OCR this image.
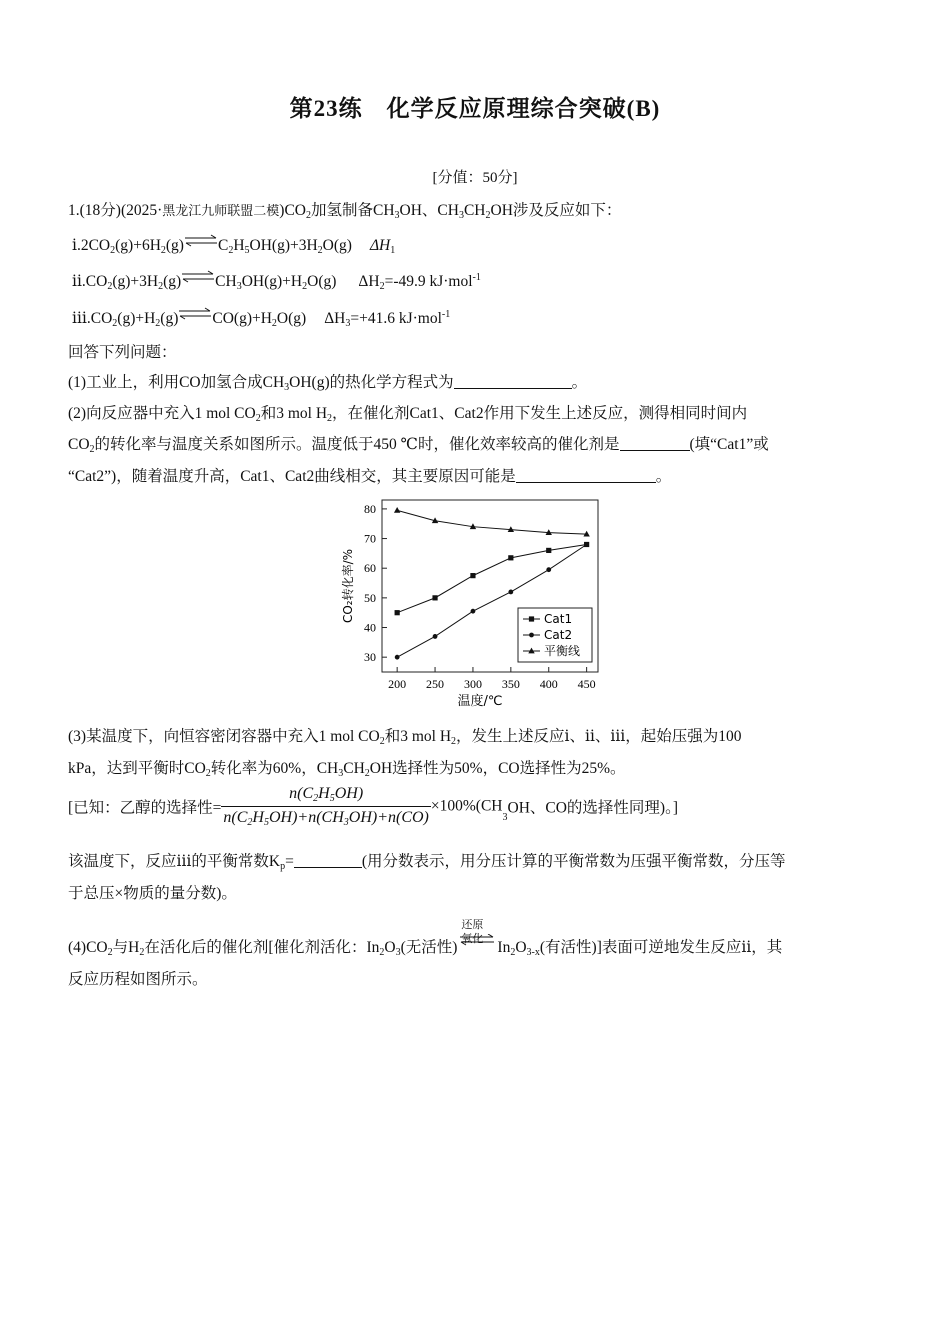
第23练　化学反应原理综合突破(B)
[分值：50分]
1.(18分)(2025·黑龙江九师联盟二模)$CO_2$加氢制备$CH_3OH$、$CH_3CH_2OH$涉及反应如下：
$ⅰ.2CO_2(g)+6H_2(g)\rightleftharpoons C_2H_5OH(g)+3H_2O(g)$ $\Delta H_1$
$ⅱ.CO_2(g)+3H_2(g)\rightleftharpoons CH_3OH(g)+H_2O(g)$ $\Delta H_2=-49.9$ kJ·mol$^{-1}$
$ⅲ.CO_2(g)+H_2(g)\rightleftharpoons CO(g)+H_2O(g)$ $\Delta H_3=+41.6$ kJ·mol$^{-1}$
回答下列问题：
(1)工业上，利用CO加氢合成$CH_3OH(g)$的热化学方程式为	。
(2)向反应器中充入1 mol $CO_2$和3 mol $H_2$，在催化剂Cat1、Cat2作用下发生上述反应，测得相同时间内
$CO_2$的转化率与温度关系如图所示。温度低于450 ℃时，催化效率较高的催化剂是	(填“Cat1”或
“Cat2”)，随着温度升高，Cat1、Cat2曲线相交，其主要原因可能是	。
30
40
50
60
70
80
200 250 300 350 400 450
温度/℃
CO₂转化率/%	Cat1
Cat2
平衡线
(3)某温度下，向恒容密闭容器中充入1 mol $CO_2$和3 mol $H_2$，发生上述反应ⅰ、ⅱ、ⅲ，起始压强为100
kPa，达到平衡时$CO_2$转化率为60%，$CH_3CH_2OH$选择性为50%，CO选择性为25%。
[已知：乙醇的选择性= $\frac{n(C_2H_5OH)}{n(C_2H_5OH)+n(CH_3OH)+n(CO)} \times 100\%(CH_3OH$、CO的选择性同理)。]
该温度下，反应ⅲ的平衡常数$K_p=$	(用分数表示，用分压计算的平衡常数为压强平衡常数，分压等
于总压×物质的量分数)。
$(4)CO_2$与$H_2$在活化后的催化剂[催化剂活化：$In_2O_3$(无活性)
还原
氧化 $In_2O_{3-x}$(有活性)]表面可逆地发生反应ⅱ，其
反应历程如图所示。
